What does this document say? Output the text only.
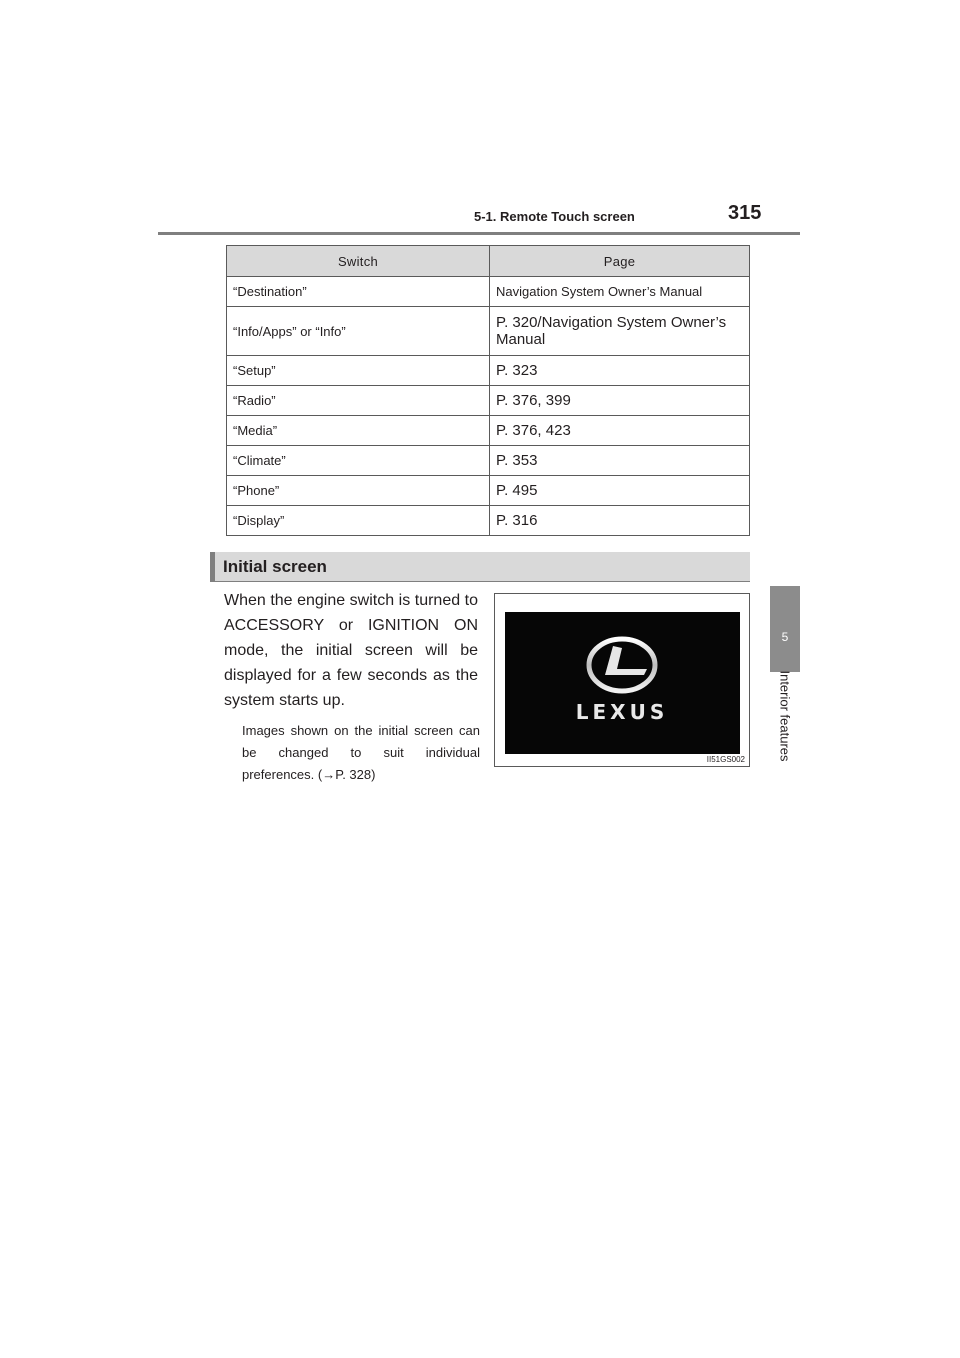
5-1. Remote Touch screen	315
5
Interior features
Switch	Page
“Destination”	Navigation System Owner’s Manual
“Info/Apps” or “Info”	P. 320/Navigation System Owner’s Manual
“Setup”	P. 323
“Radio”	P. 376, 399
“Media”	P. 376, 423
“Climate”	P. 353
“Phone”	P. 495
“Display”	P. 316
Initial screen
When the engine switch is turned to ACCESSORY or IGNITION ON mode, the initial screen will be displayed for a few seconds as the system starts up.
Images shown on the initial screen can be changed to suit individual preferences. (→P. 328)
LEXUS
II51GS002
